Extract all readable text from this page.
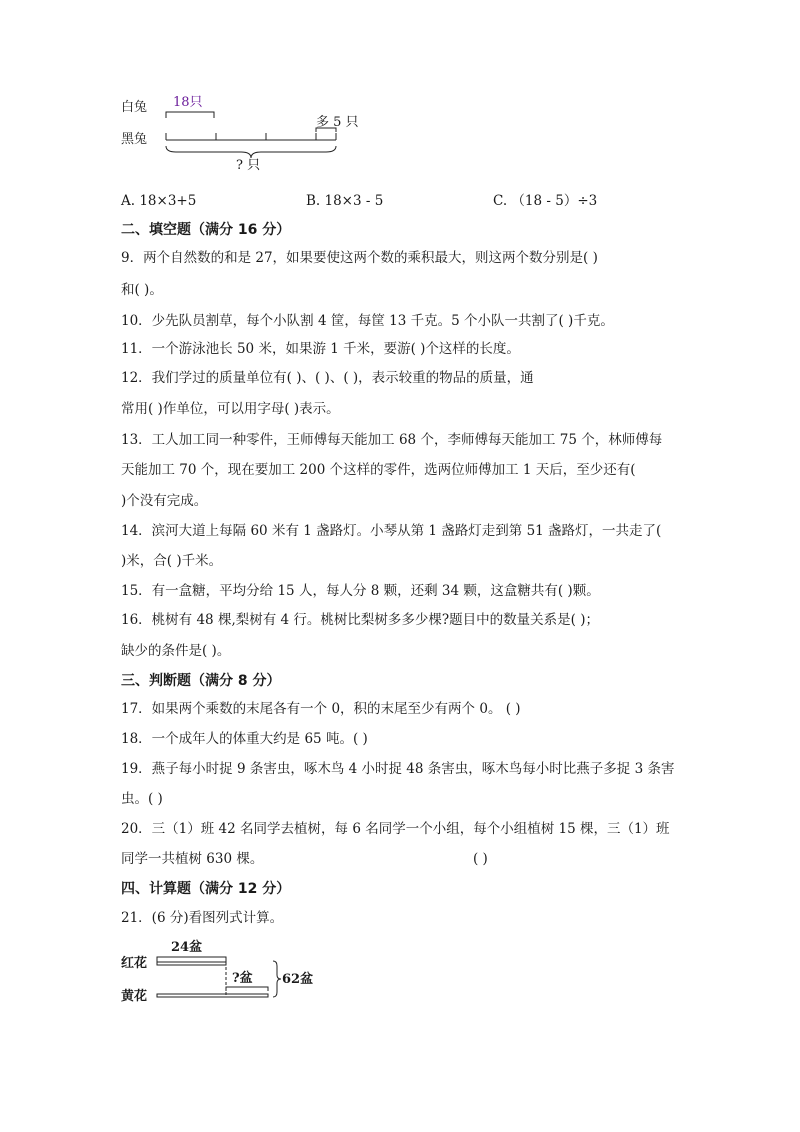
白兔
黑兔
18只
多 5 只
? 只
A. 18×3+5	B. 18×3 - 5	C. （18 - 5）÷3
二、填空题（满分 16 分）
9．两个自然数的和是 27，如果要使这两个数的乘积最大，则这两个数分别是( )
和( )。
10．少先队员割草，每个小队割 4 筐，每筐 13 千克。5 个小队一共割了( )千克。
11．一个游泳池长 50 米，如果游 1 千米，要游( )个这样的长度。
12．我们学过的质量单位有( )、( )、( )，表示较重的物品的质量，通
常用( )作单位，可以用字母( )表示。
13．工人加工同一种零件，王师傅每天能加工 68 个，李师傅每天能加工 75 个，林师傅每
天能加工 70 个，现在要加工 200 个这样的零件，选两位师傅加工 1 天后，至少还有(
)个没有完成。
14．滨河大道上每隔 60 米有 1 盏路灯。小琴从第 1 盏路灯走到第 51 盏路灯，一共走了(
)米，合( )千米。
15．有一盒糖，平均分给 15 人，每人分 8 颗，还剩 34 颗，这盒糖共有( )颗。
16．桃树有 48 棵,梨树有 4 行。桃树比梨树多多少棵?题目中的数量关系是( )；
缺少的条件是( )。
三、判断题（满分 8 分）
17．如果两个乘数的末尾各有一个 0，积的末尾至少有两个 0。 ( )
18．一个成年人的体重大约是 65 吨。( )
19．燕子每小时捉 9 条害虫，啄木鸟 4 小时捉 48 条害虫，啄木鸟每小时比燕子多捉 3 条害
虫。( )
20．三（1）班 42 名同学去植树，每 6 名同学一个小组，每个小组植树 15 棵，三（1）班
同学一共植树 630 棵。	( )
四、计算题（满分 12 分）
21．(6 分)看图列式计算。
红花
黄花
24盆
?盆 62盆
